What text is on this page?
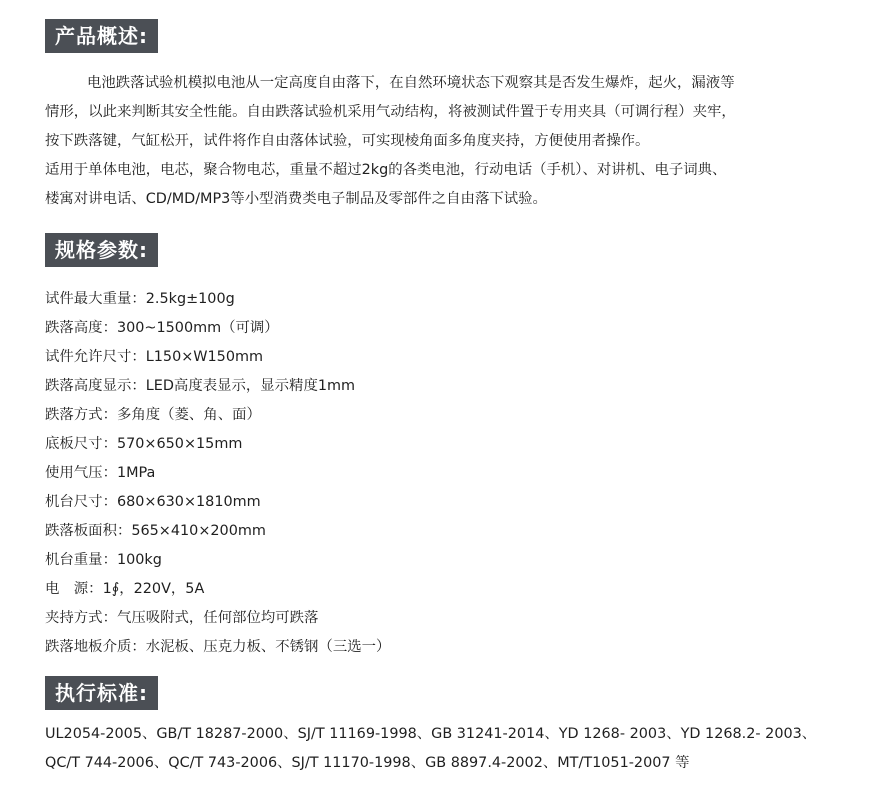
产品概述:

电池跌落试验机模拟电池从一定高度自由落下，在自然环境状态下观察其是否发生爆炸，起火，漏液等

情形，以此来判断其安全性能。自由跌落试验机采用气动结构，将被测试件置于专用夹具（可调行程）夹牢，

按下跌落键，气缸松开，试件将作自由落体试验，可实现棱角面多角度夹持，方便使用者操作。

适用于单体电池，电芯，聚合物电芯，重量不超过2kg的各类电池，行动电话（手机）、对讲机、电子词典、

楼寓对讲电话、CD/MD/MP3等小型消费类电子制品及零部件之自由落下试验。

规格参数:
试件最大重量：2.5kg±100g
跌落高度：300~1500mm（可调）
试件允许尺寸：L150×W150mm
跌落高度显示：LED高度表显示，显示精度1mm
跌落方式：多角度（菱、角、面）
底板尺寸：570×650×15mm
使用气压：1MPa
机台尺寸：680×630×1810mm
跌落板面积：565×410×200mm
机台重量：100kg
电　源：1∮，220V，5A
夹持方式：气压吸附式，任何部位均可跌落
跌落地板介质：水泥板、压克力板、不锈钢（三选一）
执行标准:
UL2054-2005、GB/T 18287-2000、SJ/T 11169-1998、GB 31241-2014、YD 1268- 2003、YD 1268.2- 2003、
QC/T 744-2006、QC/T 743-2006、SJ/T 11170-1998、GB 8897.4-2002、MT/T1051-2007 等
